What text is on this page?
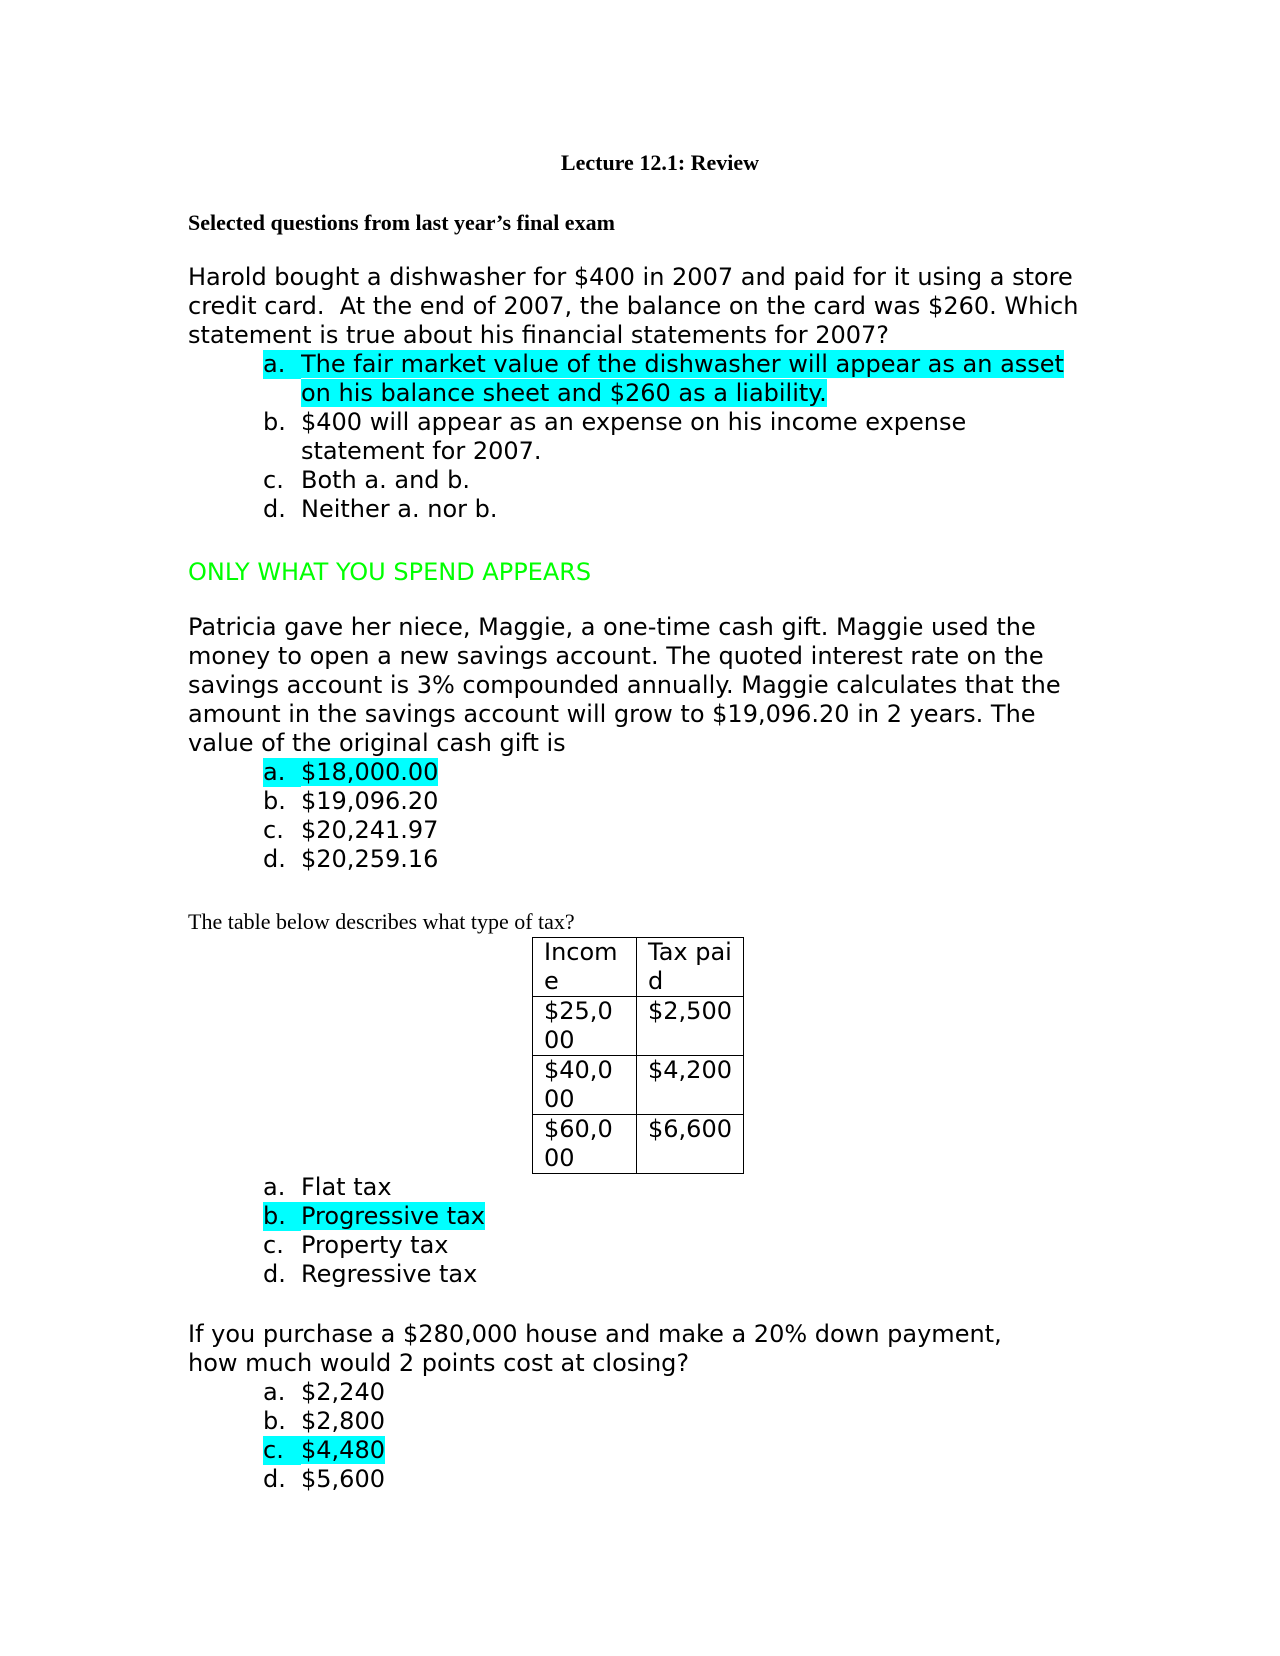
Lecture 12.1: Review
Selected questions from last year’s final exam

Harold bought a dishwasher for $400 in 2007 and paid for it using a store credit card.  At the end of 2007, the balance on the card was $260. Which statement is true about his financial statements for 2007?

a. The fair market value of the dishwasher will appear as an asset on his balance sheet and $260 as a liability.
b. $400 will appear as an expense on his income expense statement for 2007.
c. Both a. and b.
d. Neither a. nor b.

ONLY WHAT YOU SPEND APPEARS

Patricia gave her niece, Maggie, a one-time cash gift. Maggie used the money to open a new savings account. The quoted interest rate on the savings account is 3% compounded annually. Maggie calculates that the amount in the savings account will grow to $19,096.20 in 2 years. The value of the original cash gift is

a. $18,000.00
b. $19,096.20
c. $20,241.97
d. $20,259.16

The table below describes what type of tax?

Income	Tax paid
$25,000	$2,500
$40,000	$4,200
$60,000	$6,600
a. Flat tax
b. Progressive tax
c. Property tax
d. Regressive tax

If you purchase a $280,000 house and make a 20% down payment, how much would 2 points cost at closing?

a. $2,240
b. $2,800
c. $4,480
d. $5,600
